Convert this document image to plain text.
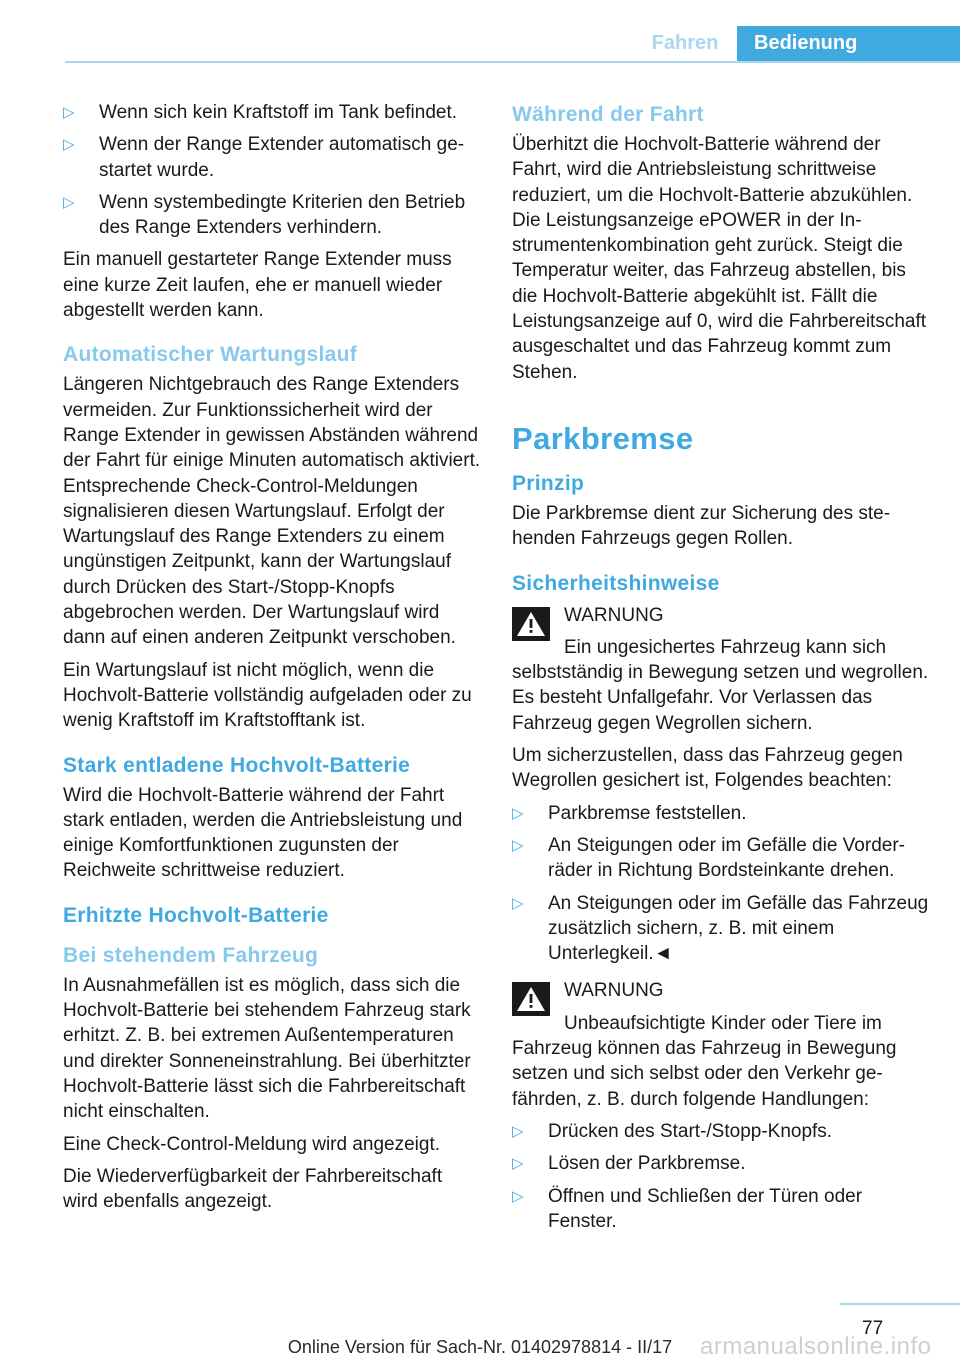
Fahren	Bedienung
▷ Wenn sich kein Kraftstoff im Tank befindet.
▷ Wenn der Range Extender automatisch gestartet wurde.
▷ Wenn systembedingte Kriterien den Betrieb des Range Extenders verhindern.

Ein manuell gestarteter Range Extender muss eine kurze Zeit laufen, ehe er manuell wieder abgestellt werden kann.

Automatischer Wartungslauf

Längeren Nichtgebrauch des Range Extenders vermeiden. Zur Funktionssicherheit wird der Range Extender in gewissen Abständen während der Fahrt für einige Minuten automatisch aktiviert. Entsprechende Check-Control-Meldungen signalisieren diesen Wartungslauf. Erfolgt der Wartungslauf des Range Extenders zu einem ungünstigen Zeitpunkt, kann der Wartungslauf durch Drücken des Start-/Stopp-Knopfs abgebrochen werden. Der Wartungslauf wird dann auf einen anderen Zeitpunkt verschoben.

Ein Wartungslauf ist nicht möglich, wenn die Hochvolt-Batterie vollständig aufgeladen oder zu wenig Kraftstoff im Kraftstofftank ist.

Stark entladene Hochvolt-Batterie

Wird die Hochvolt-Batterie während der Fahrt stark entladen, werden die Antriebsleistung und einige Komfortfunktionen zugunsten der Reichweite schrittweise reduziert.

Erhitzte Hochvolt-Batterie
Bei stehendem Fahrzeug

In Ausnahmefällen ist es möglich, dass sich die Hochvolt-Batterie bei stehendem Fahrzeug stark erhitzt. Z. B. bei extremen Außentemperaturen und direkter Sonneneinstrahlung. Bei überhitzter Hochvolt-Batterie lässt sich die Fahrbereitschaft nicht einschalten.

Eine Check-Control-Meldung wird angezeigt.

Die Wiederverfügbarkeit der Fahrbereitschaft wird ebenfalls angezeigt.

Während der Fahrt

Überhitzt die Hochvolt-Batterie während der Fahrt, wird die Antriebsleistung schrittweise reduziert, um die Hochvolt-Batterie abzukühlen. Die Leistungsanzeige ePOWER in der Instrumentenkombination geht zurück. Steigt die Temperatur weiter, das Fahrzeug abstellen, bis die Hochvolt-Batterie abgekühlt ist. Fällt die Leistungsanzeige auf 0, wird die Fahrbereitschaft ausgeschaltet und das Fahrzeug kommt zum Stehen.

Parkbremse
Prinzip

Die Parkbremse dient zur Sicherung des stehenden Fahrzeugs gegen Rollen.

Sicherheitshinweise
WARNUNG

Ein ungesichertes Fahrzeug kann sich selbstständig in Bewegung setzen und wegrollen. Es besteht Unfallgefahr. Vor Verlassen das Fahrzeug gegen Wegrollen sichern.

Um sicherzustellen, dass das Fahrzeug gegen Wegrollen gesichert ist, Folgendes beachten:

▷ Parkbremse feststellen.
▷ An Steigungen oder im Gefälle die Vorderräder in Richtung Bordsteinkante drehen.
▷ An Steigungen oder im Gefälle das Fahrzeug zusätzlich sichern, z. B. mit einem Unterlegkeil.◄
WARNUNG

Unbeaufsichtigte Kinder oder Tiere im Fahrzeug können das Fahrzeug in Bewegung setzen und sich selbst oder den Verkehr gefährden, z. B. durch folgende Handlungen:

▷ Drücken des Start-/Stopp-Knopfs.
▷ Lösen der Parkbremse.
▷ Öffnen und Schließen der Türen oder Fenster.
77
armanualsonline.info
Online Version für Sach-Nr. 01402978814 - II/17
